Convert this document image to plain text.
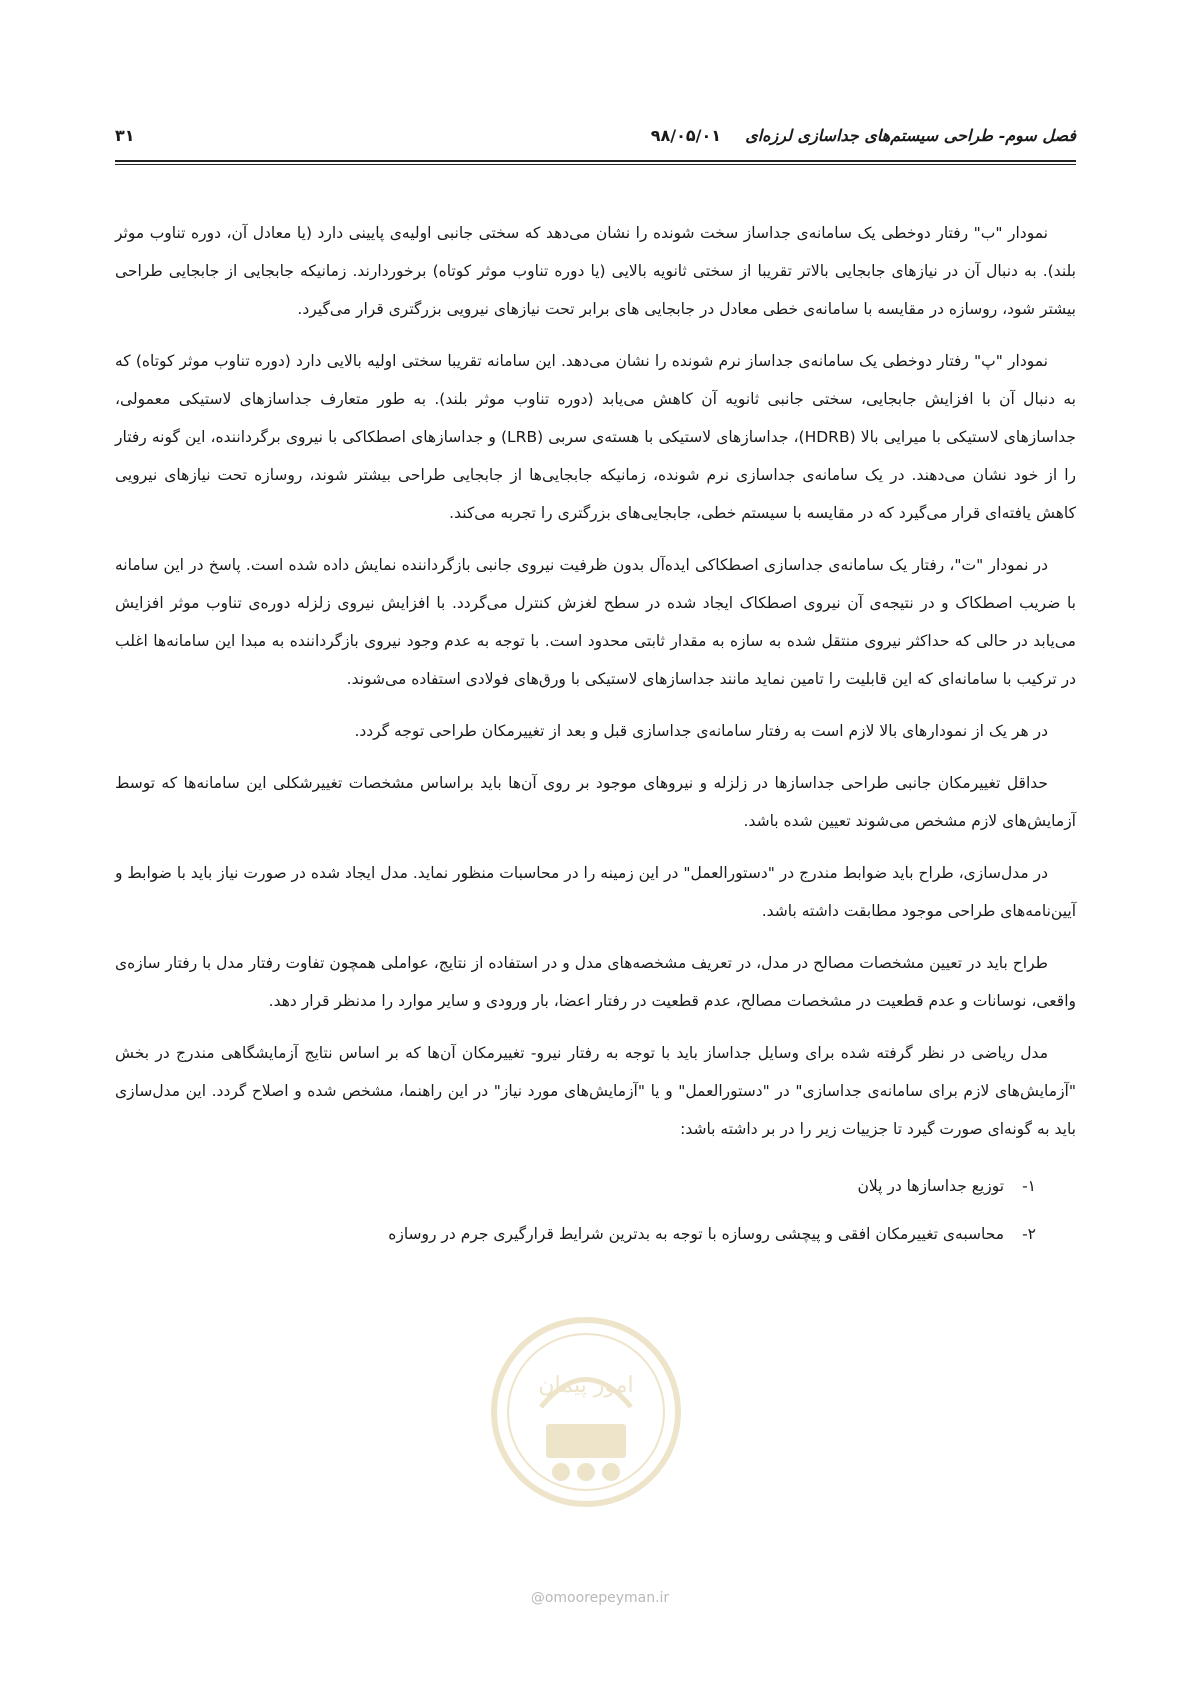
فصل سوم- طراحی سیستم‌های جداسازی لرزه‌ای
۹۸/۰۵/۰۱
۳۱

نمودار "ب" رفتار دوخطی یک سامانه‌ی جداساز سخت شونده را نشان می‌دهد که سختی جانبی اولیه‌ی پایینی دارد (یا معادل آن، دوره تناوب موثر بلند). به دنبال آن در نیازهای جابجایی بالاتر تقریبا از سختی ثانویه بالایی (یا دوره تناوب موثر کوتاه) برخوردارند. زمانیکه جابجایی از جابجایی طراحی بیشتر شود، روسازه در مقایسه با سامانه‌ی خطی معادل در جابجایی های برابر تحت نیازهای نیرویی بزرگتری قرار می‌گیرد.

نمودار "پ" رفتار دوخطی یک سامانه‌ی جداساز نرم شونده را نشان می‌دهد. این سامانه تقریبا سختی اولیه بالایی دارد (دوره تناوب موثر کوتاه) که به دنبال آن با افزایش جابجایی، سختی جانبی ثانویه آن کاهش می‌یابد (دوره تناوب موثر بلند). به طور متعارف جداسازهای لاستیکی معمولی، جداسازهای لاستیکی با میرایی بالا (HDRB)، جداسازهای لاستیکی با هسته‌ی سربی (LRB) و جداسازهای اصطکاکی با نیروی برگرداننده، این گونه رفتار را از خود نشان می‌دهند. در یک سامانه‌ی جداسازی نرم شونده، زمانیکه جابجایی‌ها از جابجایی طراحی بیشتر شوند، روسازه تحت نیازهای نیرویی کاهش یافته‌ای قرار می‌گیرد که در مقایسه با سیستم خطی، جابجایی‌های بزرگتری را تجربه می‌کند.

در نمودار "ت"، رفتار یک سامانه‌ی جداسازی اصطکاکی ایده‌آل بدون ظرفیت نیروی جانبی بازگرداننده نمایش داده شده است. پاسخ در این سامانه با ضریب اصطکاک و در نتیجه‌ی آن نیروی اصطکاک ایجاد شده در سطح لغزش کنترل می‌گردد. با افزایش نیروی زلزله دوره‌ی تناوب موثر افزایش می‌یابد در حالی که حداکثر نیروی منتقل شده به سازه به مقدار ثابتی محدود است. با توجه به عدم وجود نیروی بازگرداننده به مبدا این سامانه‌ها اغلب در ترکیب با سامانه‌ای که این قابلیت را تامین نماید مانند جداسازهای لاستیکی با ورق‌های فولادی استفاده می‌شوند.

در هر یک از نمودارهای بالا لازم است به رفتار سامانه‌ی جداسازی قبل و بعد از تغییرمکان طراحی توجه گردد.

حداقل تغییرمکان جانبی طراحی جداسازها در زلزله و نیروهای موجود بر روی آن‌ها باید براساس مشخصات تغییرشکلی این سامانه‌ها که توسط آزمایش‌های لازم مشخص می‌شوند تعیین شده باشد.

در مدل‌سازی، طراح باید ضوابط مندرج در "دستورالعمل" در این زمینه را در محاسبات منظور نماید. مدل ایجاد شده در صورت نیاز باید با ضوابط و آیین‌نامه‌های طراحی موجود مطابقت داشته باشد.

طراح باید در تعیین مشخصات مصالح در مدل، در تعریف مشخصه‌های مدل و در استفاده از نتایج، عواملی همچون تفاوت رفتار مدل با رفتار سازه‌ی واقعی، نوسانات و عدم قطعیت در مشخصات مصالح، عدم قطعیت در رفتار اعضا، بار ورودی و سایر موارد را مدنظر قرار دهد.

مدل ریاضی در نظر گرفته شده برای وسایل جداساز باید با توجه به رفتار نیرو- تغییرمکان آن‌ها که بر اساس نتایج آزمایشگاهی مندرج در بخش "آزمایش‌های لازم برای سامانه‌ی جداسازی" در "دستورالعمل" و یا "آزمایش‌های مورد نیاز" در این راهنما، مشخص شده و اصلاح گردد. این مدل‌سازی باید به گونه‌ای صورت گیرد تا جزییات زیر را در بر داشته باشد:

۱-توزیع جداسازها در پلان
۲-محاسبه‌ی تغییرمکان افقی و پیچشی روسازه با توجه به بدترین شرایط قرارگیری جرم در روسازه
امور پیمان
@omoorepeyman.ir
